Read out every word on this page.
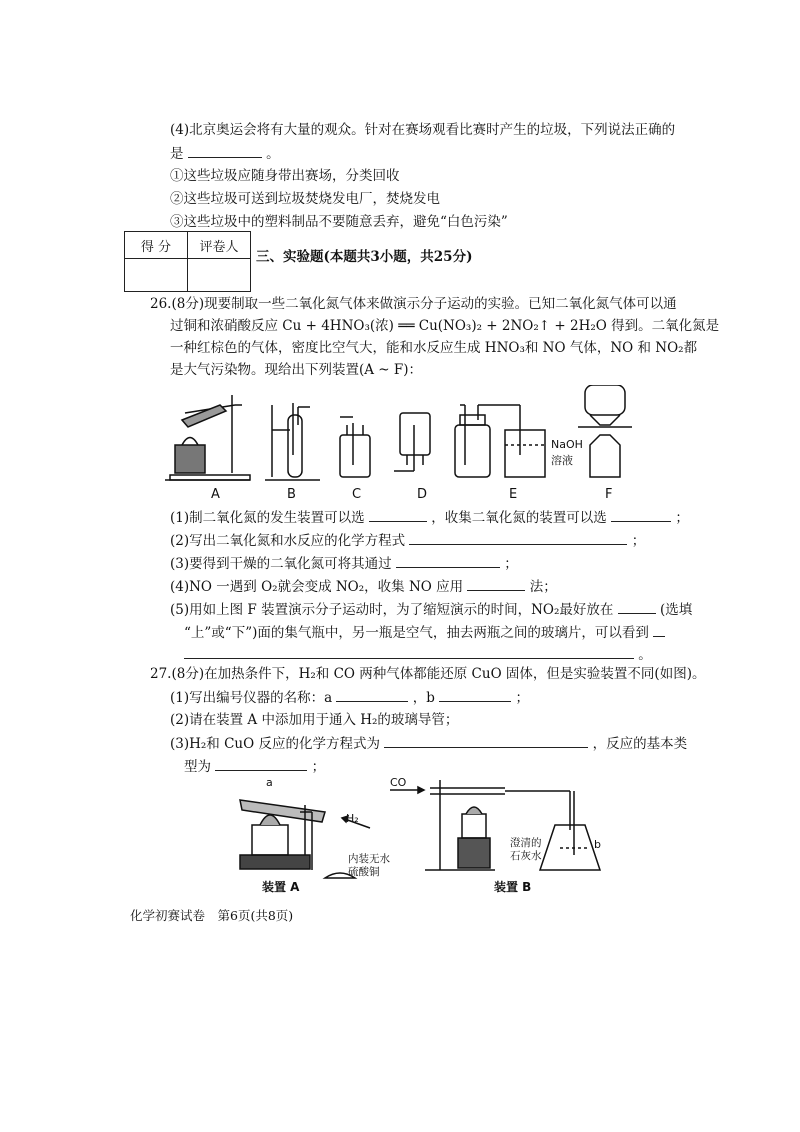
(4)北京奥运会将有大量的观众。针对在赛场观看比赛时产生的垃圾，下列说法正确的
是	。
①这些垃圾应随身带出赛场，分类回收
②这些垃圾可送到垃圾焚烧发电厂，焚烧发电
③这些垃圾中的塑料制品不要随意丢弃，避免“白色污染”
得 分	评卷人

三、实验题(本题共3小题，共25分)
26.(8分)现要制取一些二氧化氮气体来做演示分子运动的实验。已知二氧化氮气体可以通
过铜和浓硝酸反应 Cu + 4HNO₃(浓) ══ Cu(NO₃)₂ + 2NO₂↑ + 2H₂O 得到。二氧化氮是
一种红棕色的气体，密度比空气大，能和水反应生成 HNO₃和 NO 气体，NO 和 NO₂都
是大气污染物。现给出下列装置(A ~ F)：
NaOH
溶液
A	B	C	D	E	F
(1)制二氧化氮的发生装置可以选	，收集二氧化氮的装置可以选	；
(2)写出二氧化氮和水反应的化学方程式	；
(3)要得到干燥的二氧化氮可将其通过	；
(4)NO 一遇到 O₂就会变成 NO₂，收集 NO 应用	法；
(5)用如上图 F 装置演示分子运动时，为了缩短演示的时间，NO₂最好放在	(选填
“上”或“下”)面的集气瓶中，另一瓶是空气，抽去两瓶之间的玻璃片，可以看到
。
27.(8分)在加热条件下，H₂和 CO 两种气体都能还原 CuO 固体，但是实验装置不同(如图)。
(1)写出编号仪器的名称：a	，b	；
(2)请在装置 A 中添加用于通入 H₂的玻璃导管；
(3)H₂和 CuO 反应的化学方程式为	，反应的基本类
型为	；
a
H₂
内装无水
硫酸铜
装置 A
CO
澄清的
石灰水
b
装置 B
化学初赛试卷　第6页(共8页)
